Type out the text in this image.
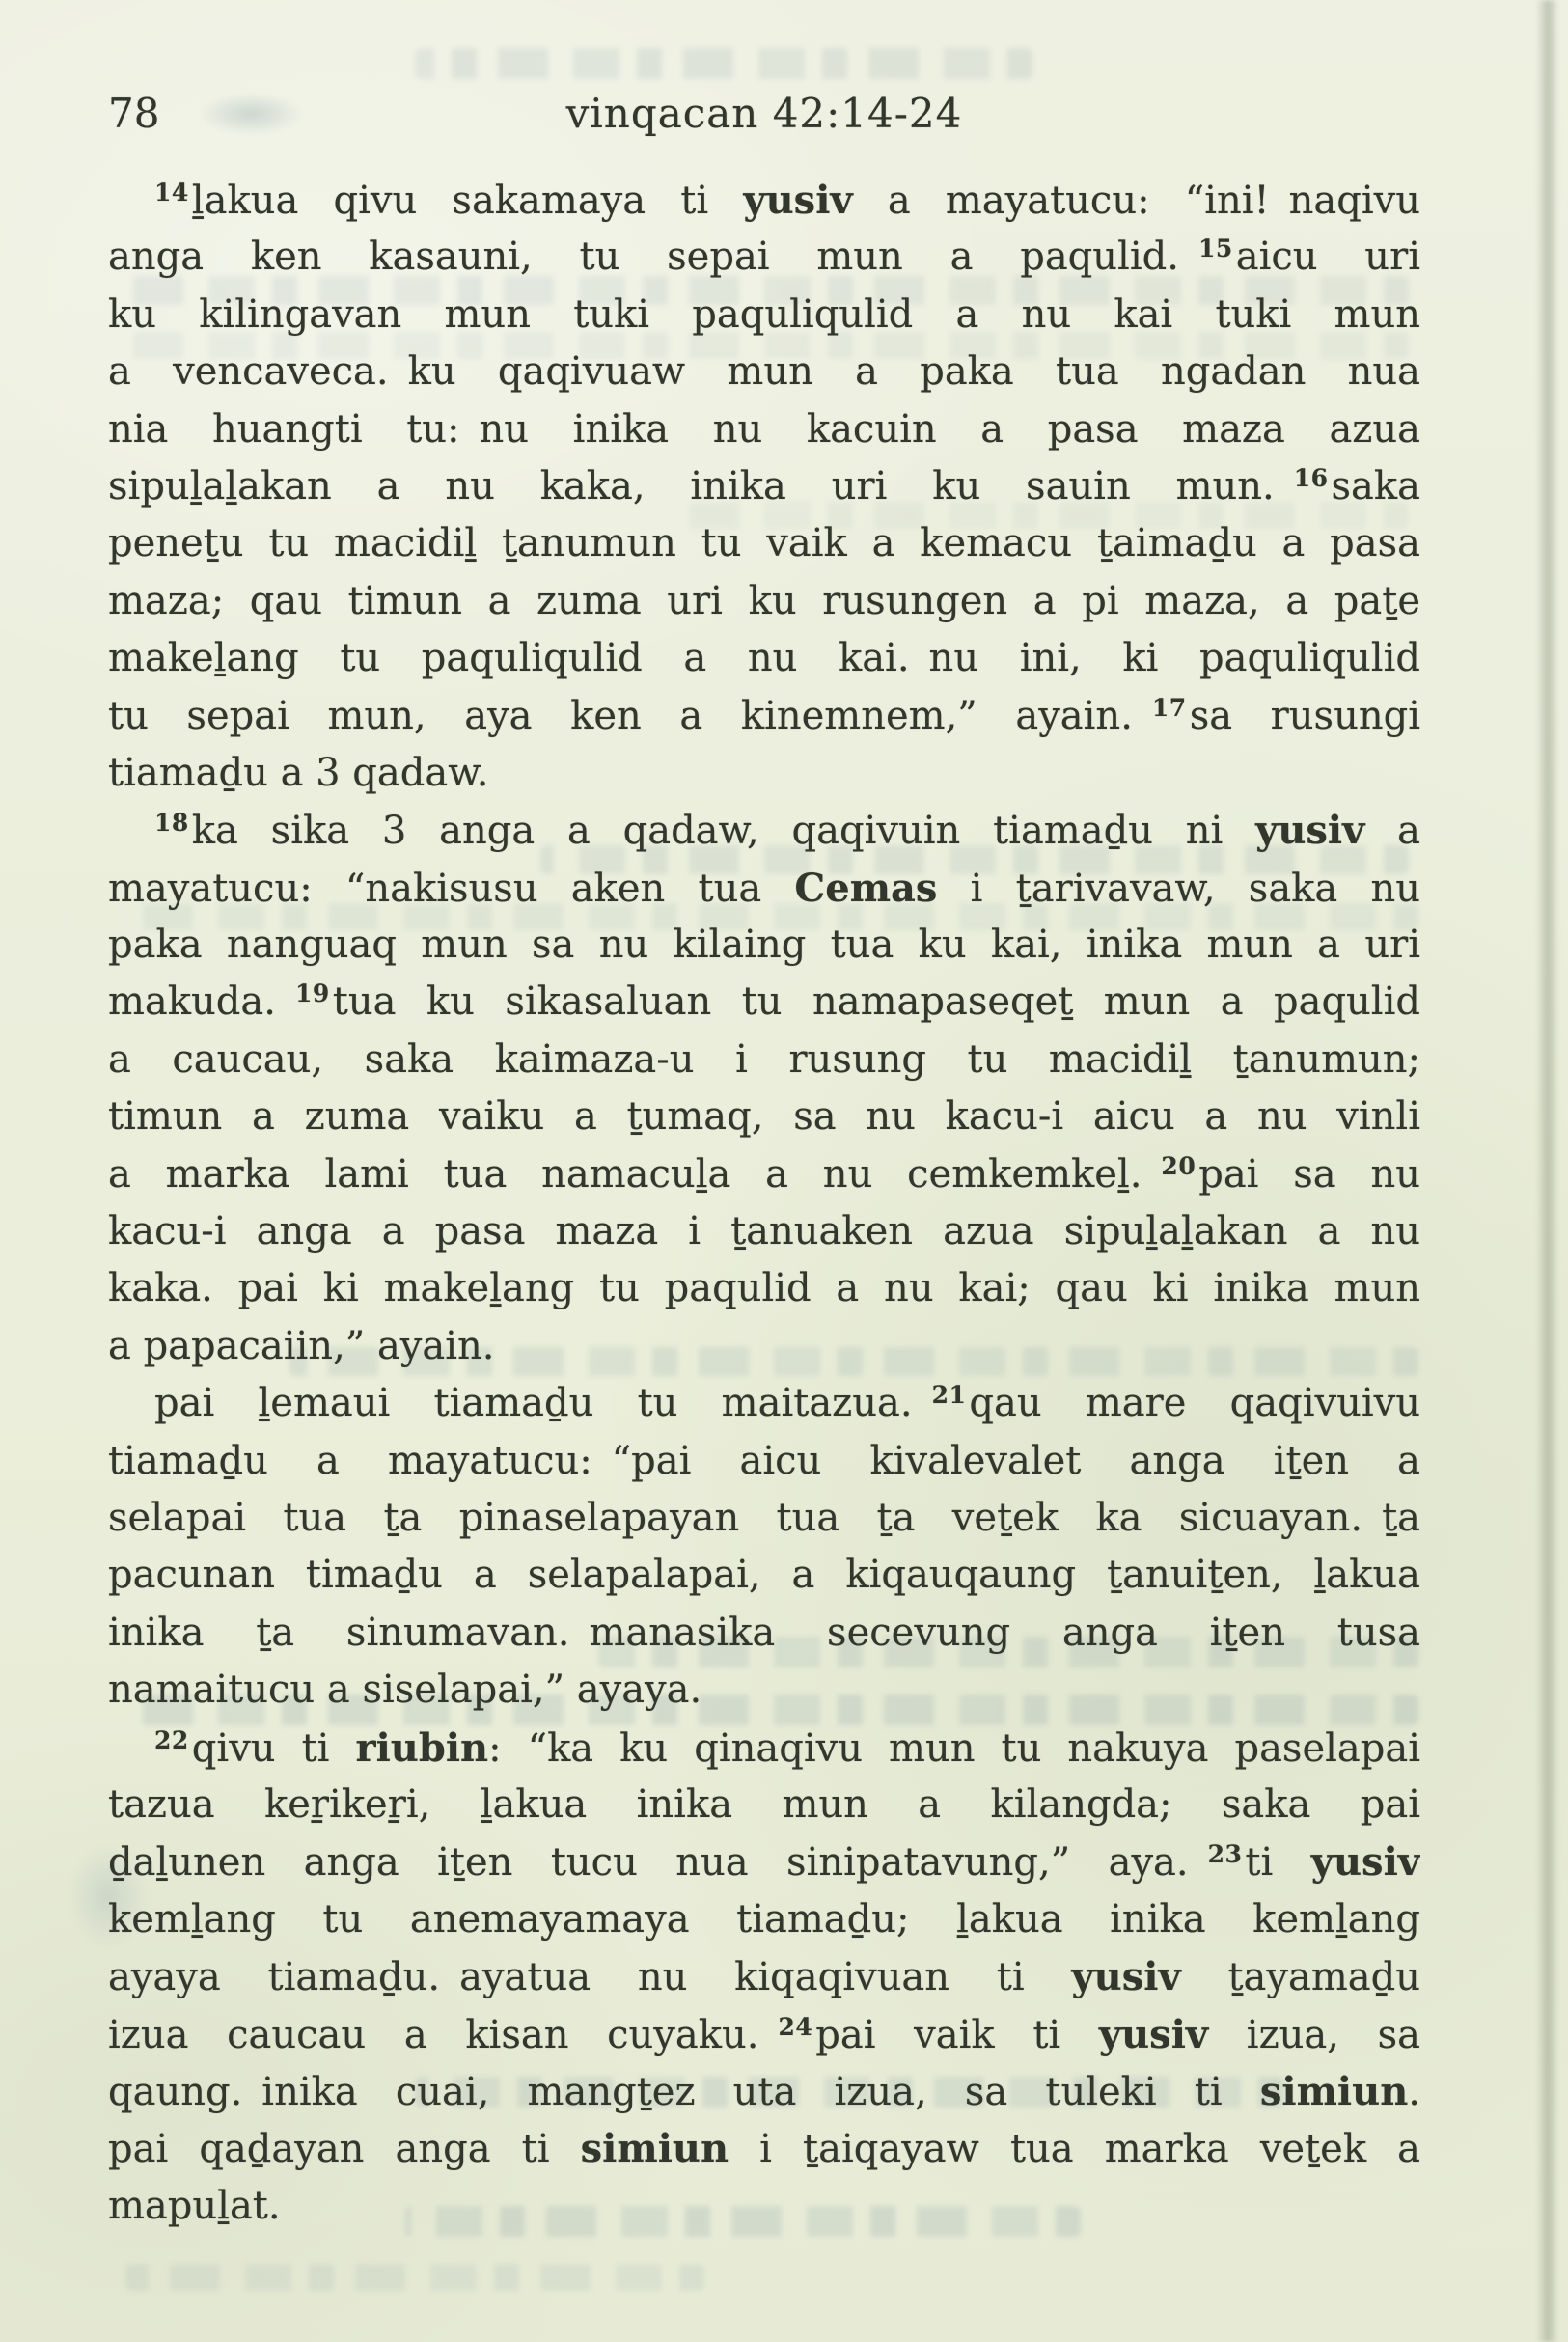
78	vinqacan 42:14-24
$^{14}$ḻakua qivu sakamaya ti yusiv a mayatucu: “ini! naqivu
anga ken kasauni, tu sepai mun a paqulid. $^{15}$aicu uri
ku kilingavan mun tuki paquliqulid a nu kai tuki mun
a vencaveca. ku qaqivuaw mun a paka tua ngadan nua
nia huangti tu: nu inika nu kacuin a pasa maza azua
sipuḻaḻakan a nu kaka, inika uri ku sauin mun. $^{16}$saka
peneṯu tu macidiḻ ṯanumun tu vaik a kemacu ṯaimaḏu a pasa
maza; qau timun a zuma uri ku rusungen a pi maza, a paṯe
makeḻang tu paquliqulid a nu kai. nu ini, ki paquliqulid
tu sepai mun, aya ken a kinemnem,” ayain. $^{17}$sa rusungi
tiamaḏu a 3 qadaw.
$^{18}$ka sika 3 anga a qadaw, qaqivuin tiamaḏu ni yusiv a
mayatucu: “nakisusu aken tua Cemas i ṯarivavaw, saka nu
paka nanguaq mun sa nu kilaing tua ku kai, inika mun a uri
makuda. $^{19}$tua ku sikasaluan tu namapaseqeṯ mun a paqulid
a caucau, saka kaimaza-u i rusung tu macidiḻ ṯanumun;
timun a zuma vaiku a ṯumaq, sa nu kacu-i aicu a nu vinli
a marka lami tua namacuḻa a nu cemkemkeḻ. $^{20}$pai sa nu
kacu-i anga a pasa maza i ṯanuaken azua sipuḻaḻakan a nu
kaka. pai ki makeḻang tu paqulid a nu kai; qau ki inika mun
a papacaiin,” ayain.
pai ḻemaui tiamaḏu tu maitazua. $^{21}$qau mare qaqivuivu
tiamaḏu a mayatucu: “pai aicu kivalevalet anga iṯen a
selapai tua ṯa pinaselapayan tua ṯa veṯek ka sicuayan. ṯa
pacunan timaḏu a selapalapai, a kiqauqaung ṯanuiṯen, ḻakua
inika ṯa sinumavan. manasika secevung anga iṯen tusa
namaitucu a siselapai,” ayaya.
$^{22}$qivu ti riubin: “ka ku qinaqivu mun tu nakuya paselapai
tazua keṟikeṟi, ḻakua inika mun a kilangda; saka pai
ḏaḻunen anga iṯen tucu nua sinipatavung,” aya. $^{23}$ti yusiv
kemḻang tu anemayamaya tiamaḏu; ḻakua inika kemḻang
ayaya tiamaḏu. ayatua nu kiqaqivuan ti yusiv ṯayamaḏu
izua caucau a kisan cuyaku. $^{24}$pai vaik ti yusiv izua, sa
qaung. inika cuai, mangṯez uta izua, sa tuleki ti simiun.
pai qaḏayan anga ti simiun i ṯaiqayaw tua marka veṯek a
mapuḻat.
